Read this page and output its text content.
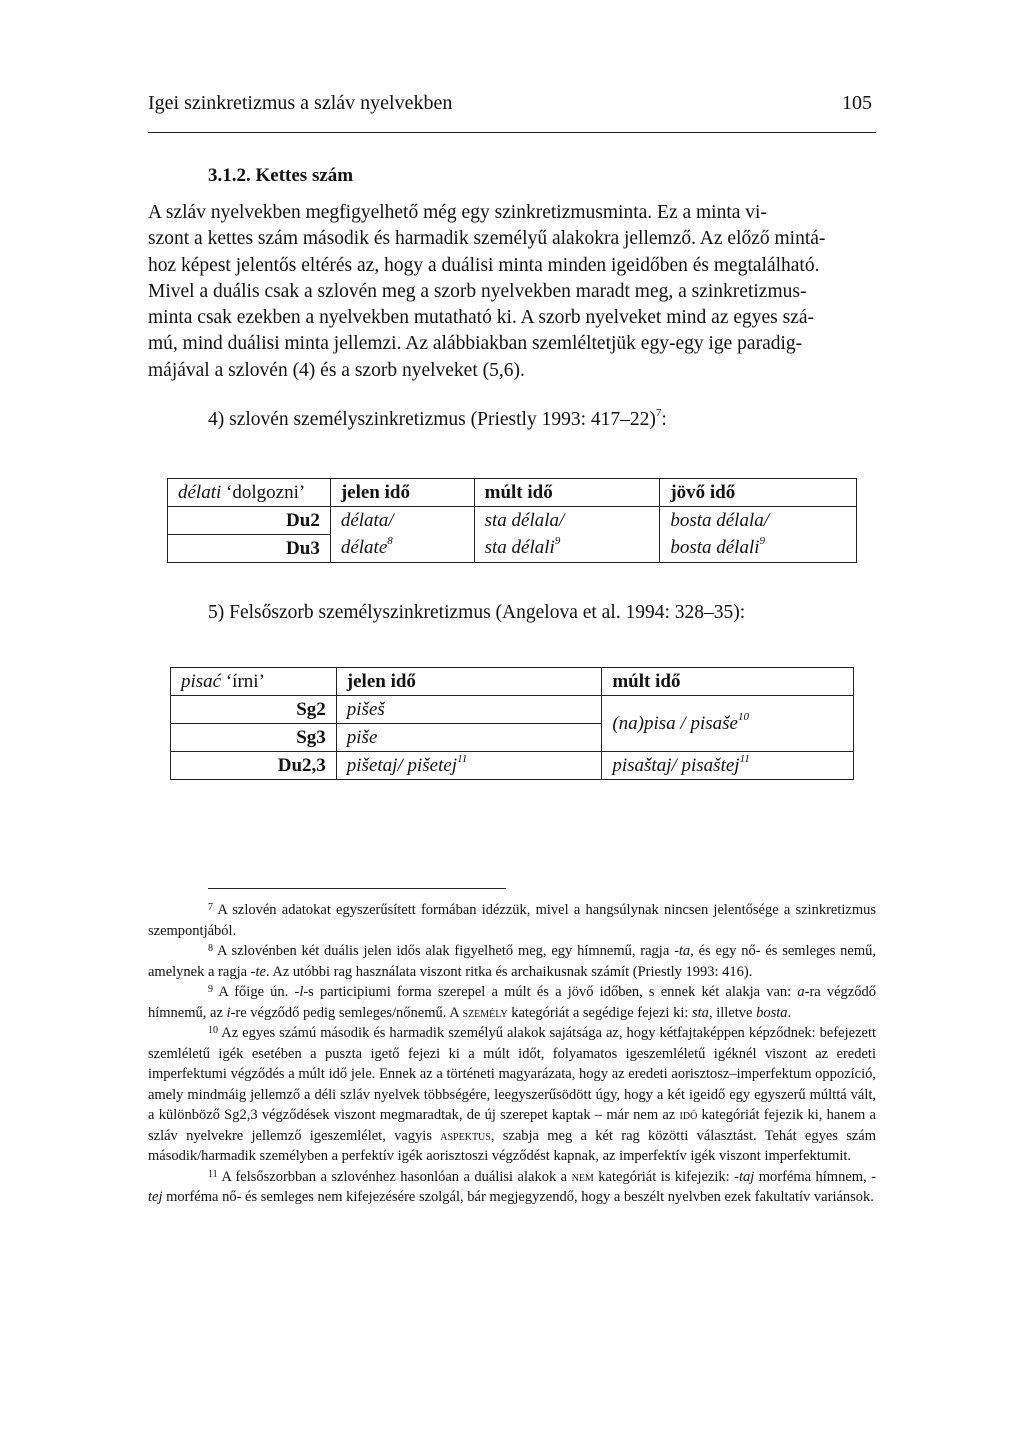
Igei szinkretizmus a szláv nyelvekben	105
3.1.2. Kettes szám
A szláv nyelvekben megfigyelhető még egy szinkretizmusminta. Ez a minta vi-
szont a kettes szám második és harmadik személyű alakokra jellemző. Az előző mintá-
hoz képest jelentős eltérés az, hogy a duálisi minta minden igeidőben és megtalálható.
Mivel a duális csak a szlovén meg a szorb nyelvekben maradt meg, a szinkretizmus-
minta csak ezekben a nyelvekben mutatható ki. A szorb nyelveket mind az egyes szá-
mú, mind duálisi minta jellemzi. Az alábbiakban szemléltetjük egy-egy ige paradig-
májával a szlovén (4) és a szorb nyelveket (5,6).
4) szlovén személyszinkretizmus (Priestly 1993: 417–22)$^7$:
délati ‘dolgozni’	jelen idő	múlt idő	jövő idő
Du2	délata/	sta délala/	bosta délala/
Du3	délate$^8$	sta délali$^9$	bosta délali$^9$
5) Felsőszorb személyszinkretizmus (Angelova et al. 1994: 328–35):
pisać ‘írni’	jelen idő	múlt idő
Sg2	pišeš	(na)pisa / pisaše$^{10}$
Sg3	piše	
Du2,3	pišetaj/ pišetej$^{11}$	pisaštaj/ pisaštej$^{11}$

$^7$ A szlovén adatokat egyszerűsített formában idézzük, mivel a hangsúlynak nincsen jelentősége a szinkretizmus szempontjából.

$^8$ A szlovénben két duális jelen idős alak figyelhető meg, egy hímnemű, ragja -ta, és egy nő- és semleges nemű, amelynek a ragja -te. Az utóbbi rag használata viszont ritka és archaikusnak számít (Priestly 1993: 416).

$^9$ A főige ún. -l-s participiumi forma szerepel a múlt és a jövő időben, s ennek két alakja van: a-ra végződő hímnemű, az i-re végződő pedig semleges/nőnemű. A személy kategóriát a segédige fejezi ki: sta, illetve bosta.

$^{10}$ Az egyes számú második és harmadik személyű alakok sajátsága az, hogy kétfajtaképpen képződnek: befejezett szemléletű igék esetében a puszta igető fejezi ki a múlt időt, folyamatos igeszemléletű igéknél viszont az eredeti imperfektumi végződés a múlt idő jele. Ennek az a történeti magyarázata, hogy az eredeti aorisztosz–imperfektum oppozíció, amely mindmáig jellemző a déli szláv nyelvek többségére, leegyszerűsödött úgy, hogy a két igeidő egy egyszerű múlttá vált, a különböző Sg2,3 végződések viszont megmaradtak, de új szerepet kaptak – már nem az idő kategóriát fejezik ki, hanem a szláv nyelvekre jellemző igeszemlélet, vagyis aspektus, szabja meg a két rag közötti választást. Tehát egyes szám második/harmadik személyben a perfektív igék aorisztoszi végződést kapnak, az imperfektív igék viszont imperfektumit.

$^{11}$ A felsőszorbban a szlovénhez hasonlóan a duálisi alakok a nem kategóriát is kifejezik: -taj morféma hímnem, -tej morféma nő- és semleges nem kifejezésére szolgál, bár megjegyzendő, hogy a beszélt nyelvben ezek fakultatív variánsok.
